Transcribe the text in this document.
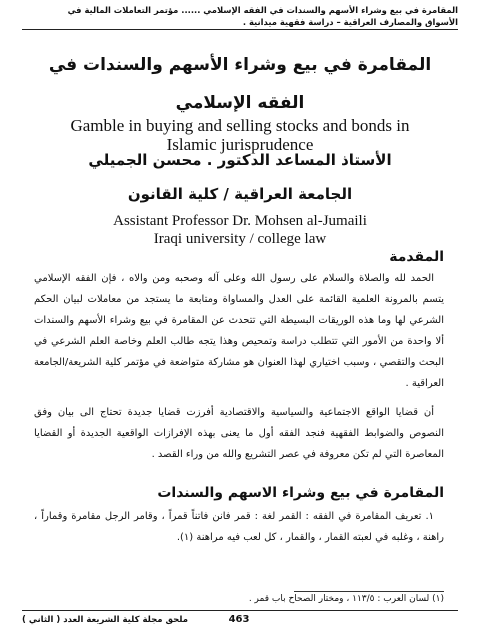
المقامرة في بيع وشراء الأسهم والسندات في الفقه الإسلامي ...... مؤتمر التعاملات المالية في
الأسواق والمصارف العراقية – دراسة فقهية ميدانية .
المقامرة في بيع وشراء الأسهم والسندات في
الفقه الإسلامي
Gamble in buying and selling stocks and bonds in
Islamic jurisprudence
الأستاذ المساعد الدكتور . محسن الجميلي
الجامعة العراقية / كلية القانون
Assistant Professor Dr. Mohsen al-Jumaili
Iraqi university / college law
المقدمة
الحمد لله والصلاة والسلام على رسول الله وعلى آله وصحبه ومن والاه ، فإن الفقه الإسلامي يتسم بالمرونة العلمية القائمة على العدل والمساواة ومتابعة ما يستجد من معاملات لبيان الحكم الشرعي لها وما هذه الوريقات البسيطة التي تتحدث عن المقامرة في بيع وشراء الأسهم والسندات ألا واحدة من الأمور التي تتطلب دراسة وتمحيص وهذا يتجه طالب العلم وخاصة العلم الشرعي في البحث والتقصي ، وسبب اختياري لهذا العنوان هو مشاركة متواضعة في مؤتمر كلية الشريعة/الجامعة العراقية .
أن قضايا الواقع الاجتماعية والسياسية والاقتصادية أفرزت قضايا جديدة تحتاج الى بيان وفق النصوص والضوابط الفقهية فنجد الفقه أول ما يعنى بهذه الإفرازات الواقعية الجديدة أو القضايا المعاصرة التي لم تكن معروفة في عصر التشريع والله من وراء القصد .
المقامرة في بيع وشراء الاسهم والسندات
١. تعريف المقامرة في الفقه : القمر لغة : قمر فانن فاتناً قمراً ، وقامر الرجل مقامرة وقماراً ، راهنة ، وغلبه في لعبته القمار ، والقمار ، كل لعب فيه مراهنة (١).
(١) لسان العرب : ١١٣/٥ ، ومختار الصحاح باب قمر .
463
ملحق مجلة كلية الشريعة العدد ( الثاني )
